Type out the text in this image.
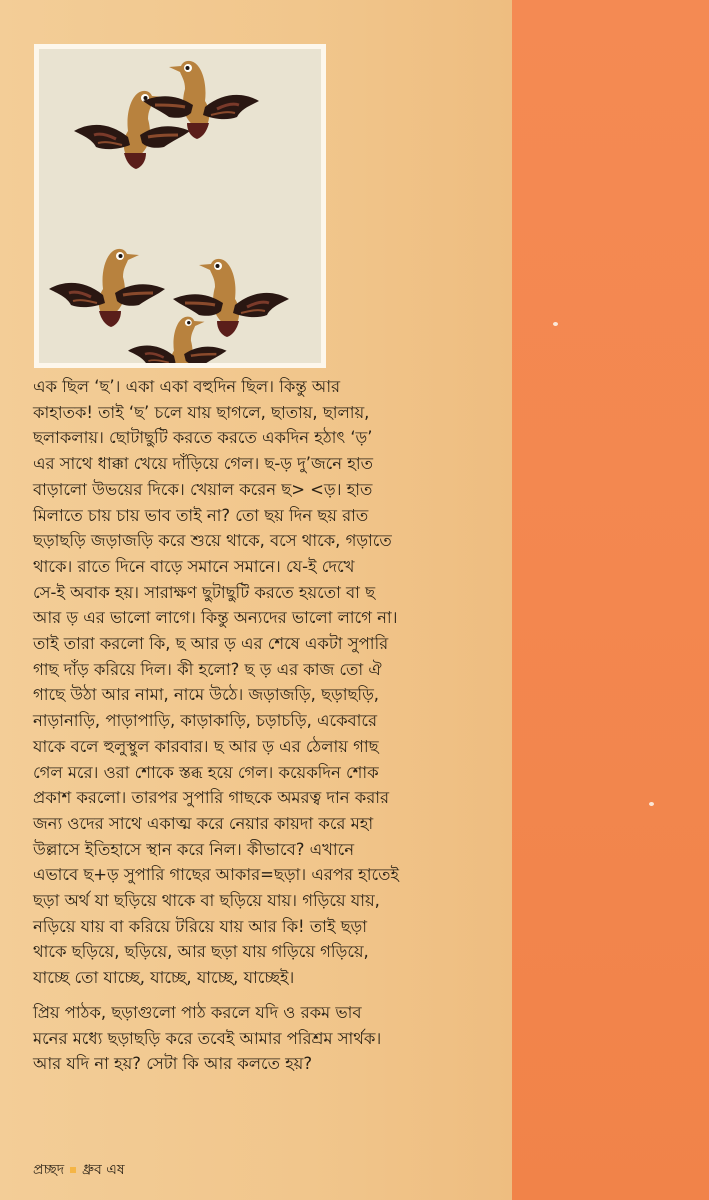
এক ছিল ‘ছ’। একা একা বহুদিন ছিল। কিন্তু আর

কাহাতক! তাই ‘ছ’ চলে যায় ছাগলে, ছাতায়, ছালায়,

ছলাকলায়। ছোটাছুটি করতে করতে একদিন হঠাৎ ‘ড়’

এর সাথে ধাক্কা খেয়ে দাঁড়িয়ে গেল। ছ-ড় দু’জনে হাত

বাড়ালো উভয়ের দিকে। খেয়াল করেন ছ> <ড়। হাত

মিলাতে চায় চায় ভাব তাই না? তো ছয় দিন ছয় রাত

ছড়াছড়ি জড়াজড়ি করে শুয়ে থাকে, বসে থাকে, গড়াতে

থাকে। রাতে দিনে বাড়ে সমানে সমানে। যে-ই দেখে

সে-ই অবাক হয়। সারাক্ষণ ছুটাছুটি করতে হয়তো বা ছ

আর ড় এর ভালো লাগে। কিন্তু অন্যদের ভালো লাগে না।

তাই তারা করলো কি, ছ আর ড় এর শেষে একটা সুপারি

গাছ দাঁড় করিয়ে দিল। কী হলো? ছ ড় এর কাজ তো ঐ

গাছে উঠা আর নামা, নামে উঠে। জড়াজড়ি, ছড়াছড়ি,

নাড়ানাড়ি, পাড়াপাড়ি, কাড়াকাড়ি, চড়াচড়ি, একেবারে

যাকে বলে হুলুস্থুল কারবার। ছ আর ড় এর ঠেলায় গাছ

গেল মরে। ওরা শোকে স্তব্ধ হয়ে গেল। কয়েকদিন শোক

প্রকাশ করলো। তারপর সুপারি গাছকে অমরত্ব দান করার

জন্য ওদের সাথে একাত্ম করে নেয়ার কায়দা করে মহা

উল্লাসে ইতিহাসে স্থান করে নিল। কীভাবে? এখানে

এভাবে ছ+ড় সুপারি গাছের আকার=ছড়া। এরপর হাতেই

ছড়া অর্থ যা ছড়িয়ে থাকে বা ছড়িয়ে যায়। গড়িয়ে যায়,

নড়িয়ে যায় বা করিয়ে টরিয়ে যায় আর কি! তাই ছড়া

থাকে ছড়িয়ে, ছড়িয়ে, আর ছড়া যায় গড়িয়ে গড়িয়ে,

যাচ্ছে তো যাচ্ছে, যাচ্ছে, যাচ্ছে, যাচ্ছেই।

প্রিয় পাঠক, ছড়াগুলো পাঠ করলে যদি ও রকম ভাব

মনের মধ্যে ছড়াছড়ি করে তবেই আমার পরিশ্রম সার্থক।

আর যদি না হয়? সেটা কি আর কলতে হয়?

প্রচ্ছদ ধ্রুব এষ
